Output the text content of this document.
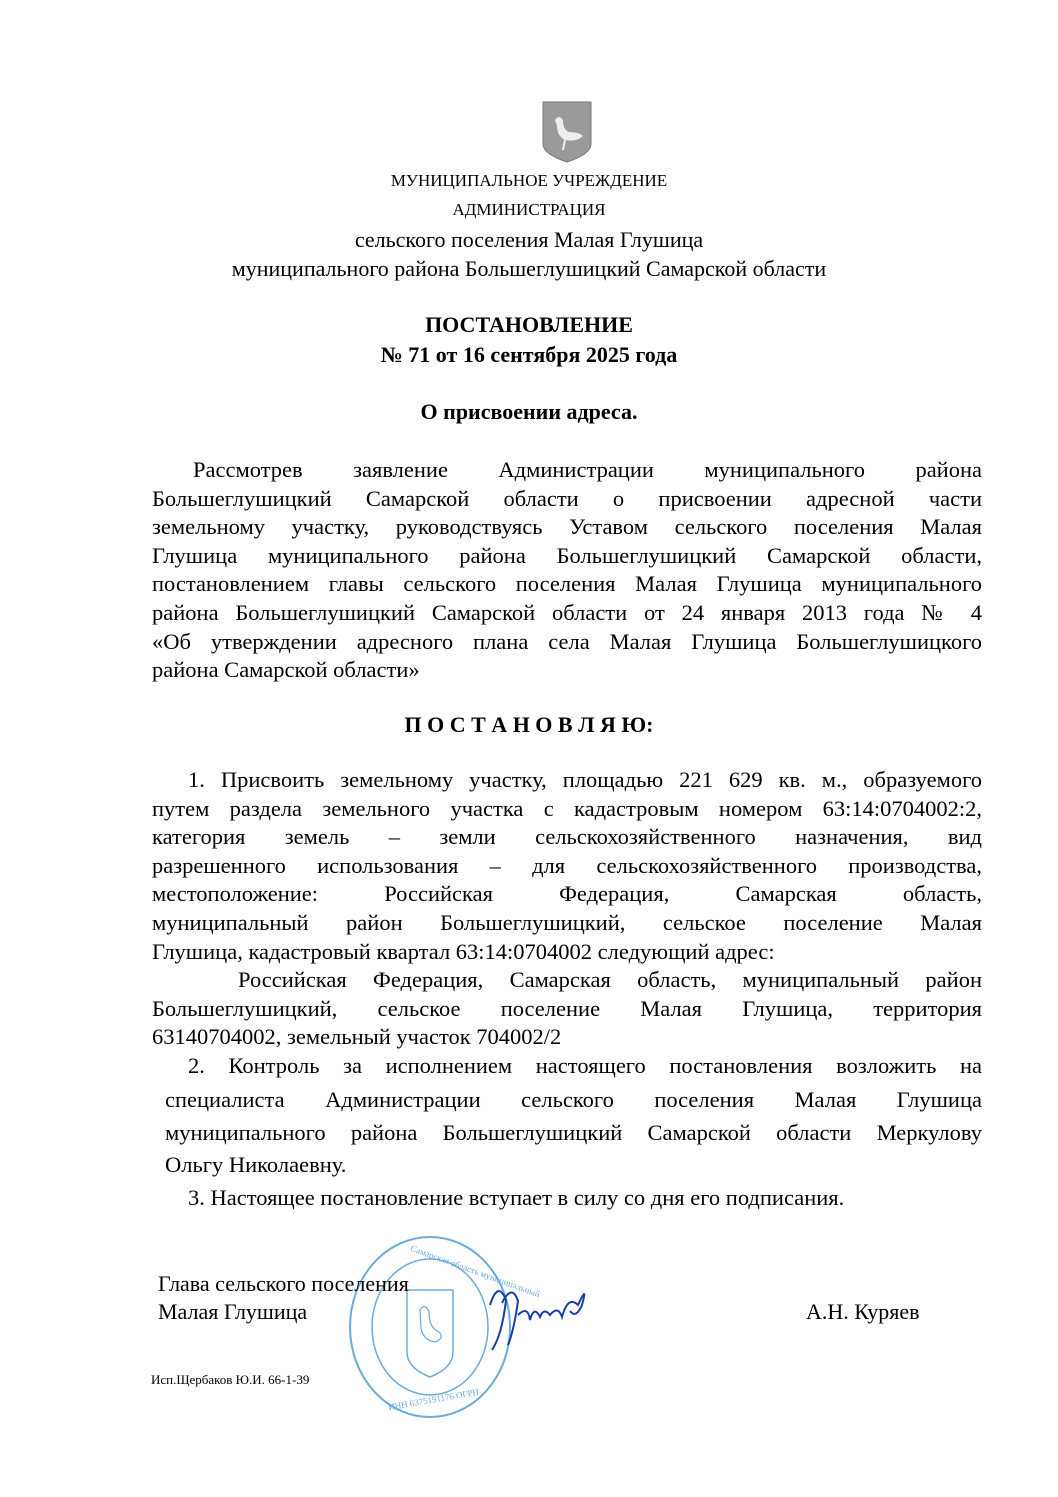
МУНИЦИПАЛЬНОЕ УЧРЕЖДЕНИЕ
АДМИНИСТРАЦИЯ
сельского поселения Малая Глушица
муниципального района Большеглушицкий Самарской области
ПОСТАНОВЛЕНИЕ
№ 71 от 16 сентября 2025 года
О присвоении адреса.
Рассмотрев заявление Администрации муниципального района
Большеглушицкий Самарской области о присвоении адресной части
земельному участку, руководствуясь Уставом сельского поселения Малая
Глушица муниципального района Большеглушицкий Самарской области,
постановлением главы сельского поселения Малая Глушица муниципального
района Большеглушицкий Самарской области от 24 января 2013 года № 4
«Об утверждении адресного плана села Малая Глушица Большеглушицкого
района Самарской области»
П О С Т А Н О В Л Я Ю:
1. Присвоить земельному участку, площадью 221 629 кв. м., образуемого
путем раздела земельного участка с кадастровым номером 63:14:0704002:2,
категория земель – земли сельскохозяйственного назначения, вид
разрешенного использования – для сельскохозяйственного производства,
местоположение: Российская Федерация, Самарская область,
муниципальный район Большеглушицкий, сельское поселение Малая
Глушица, кадастровый квартал 63:14:0704002 следующий адрес:
Российская Федерация, Самарская область, муниципальный район
Большеглушицкий, сельское поселение Малая Глушица, территория
63140704002, земельный участок 704002/2
2. Контроль за исполнением настоящего постановления возложить на
специалиста Администрации сельского поселения Малая Глушица
муниципального района Большеглушицкий Самарской области Меркулову
Ольгу Николаевну.
3. Настоящее постановление вступает в силу со дня его подписания.
Самарская область муниципальный
ИНН 6375191176 ОГРН
Глава сельского поселения
Малая Глушица	А.Н. Куряев
Исп.Щербаков Ю.И. 66-1-39
